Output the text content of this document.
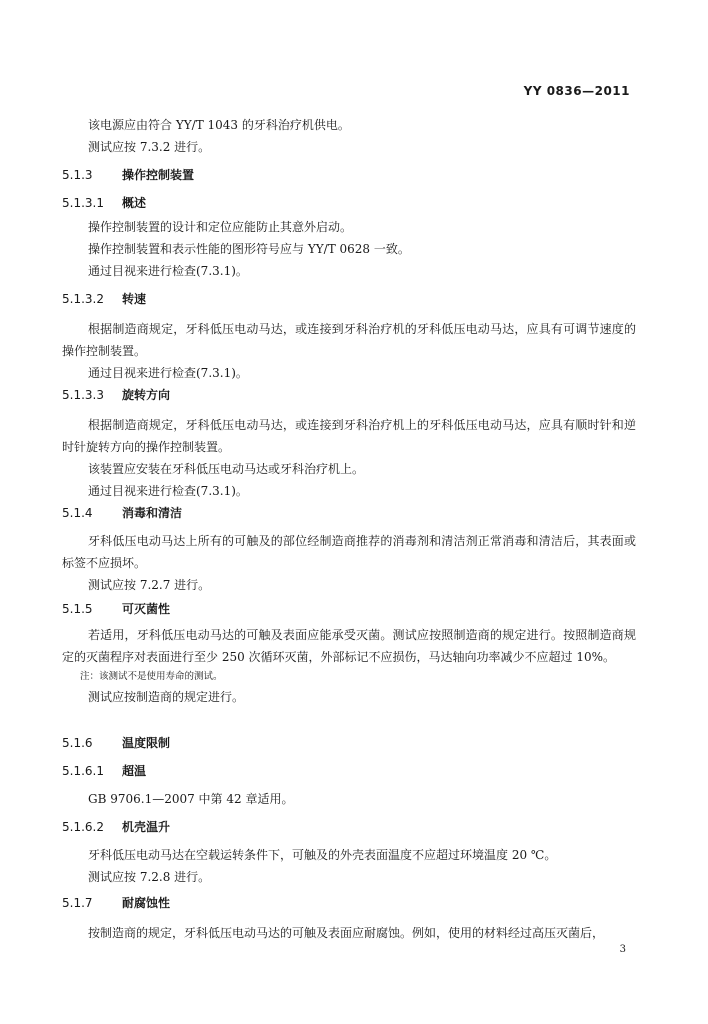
YY 0836—2011

该电源应由符合 YY/T 1043 的牙科治疗机供电。

测试应按 7.3.2 进行。

5.1.3 操作控制装置
5.1.3.1 概述

操作控制装置的设计和定位应能防止其意外启动。

操作控制装置和表示性能的图形符号应与 YY/T 0628 一致。

通过目视来进行检查(7.3.1)。

5.1.3.2 转速

根据制造商规定，牙科低压电动马达，或连接到牙科治疗机的牙科低压电动马达，应具有可调节速度的操作控制装置。

通过目视来进行检查(7.3.1)。

5.1.3.3 旋转方向

根据制造商规定，牙科低压电动马达，或连接到牙科治疗机上的牙科低压电动马达，应具有顺时针和逆时针旋转方向的操作控制装置。

该装置应安装在牙科低压电动马达或牙科治疗机上。

通过目视来进行检查(7.3.1)。

5.1.4 消毒和清洁

牙科低压电动马达上所有的可触及的部位经制造商推荐的消毒剂和清洁剂正常消毒和清洁后，其表面或标签不应损坏。

测试应按 7.2.7 进行。

5.1.5 可灭菌性

若适用，牙科低压电动马达的可触及表面应能承受灭菌。测试应按照制造商的规定进行。按照制造商规定的灭菌程序对表面进行至少 250 次循环灭菌，外部标记不应损伤，马达轴向功率减少不应超过 10%。

注：该测试不是使用寿命的测试。

测试应按制造商的规定进行。

5.1.6 温度限制
5.1.6.1 超温

GB 9706.1—2007 中第 42 章适用。

5.1.6.2 机壳温升

牙科低压电动马达在空载运转条件下，可触及的外壳表面温度不应超过环境温度 20 ℃。

测试应按 7.2.8 进行。

5.1.7 耐腐蚀性

按制造商的规定，牙科低压电动马达的可触及表面应耐腐蚀。例如，使用的材料经过高压灭菌后，

3
